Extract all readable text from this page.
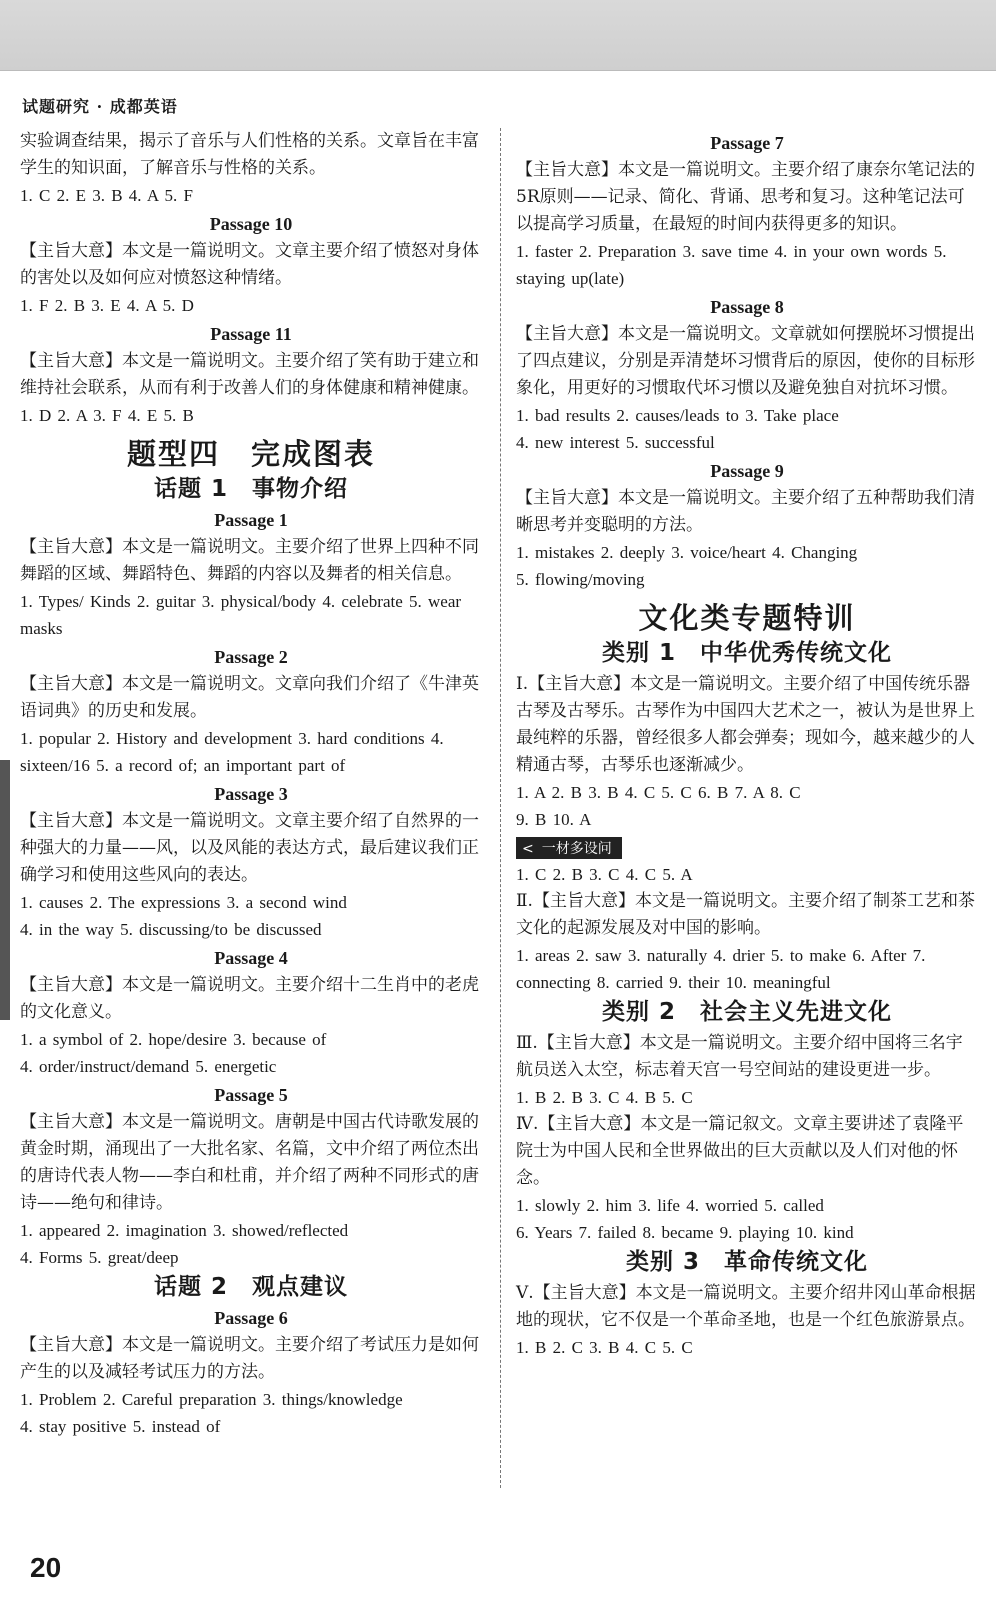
试题研究 · 成都英语

实验调查结果，揭示了音乐与人们性格的关系。文章旨在丰富学生的知识面，了解音乐与性格的关系。

1. C 2. E 3. B 4. A 5. F

Passage 10

【主旨大意】本文是一篇说明文。文章主要介绍了愤怒对身体的害处以及如何应对愤怒这种情绪。

1. F 2. B 3. E 4. A 5. D

Passage 11

【主旨大意】本文是一篇说明文。主要介绍了笑有助于建立和维持社会联系，从而有利于改善人们的身体健康和精神健康。

1. D 2. A 3. F 4. E 5. B

题型四　完成图表
话题 1　事物介绍
Passage 1

【主旨大意】本文是一篇说明文。主要介绍了世界上四种不同舞蹈的区域、舞蹈特色、舞蹈的内容以及舞者的相关信息。

1. Types/ Kinds 2. guitar 3. physical/body 4. celebrate 5. wear masks

Passage 2

【主旨大意】本文是一篇说明文。文章向我们介绍了《牛津英语词典》的历史和发展。

1. popular 2. History and development 3. hard conditions 4. sixteen/16 5. a record of; an important part of

Passage 3

【主旨大意】本文是一篇说明文。文章主要介绍了自然界的一种强大的力量——风，以及风能的表达方式，最后建议我们正确学习和使用这些风向的表达。

1. causes 2. The expressions 3. a second wind

4. in the way 5. discussing/to be discussed

Passage 4

【主旨大意】本文是一篇说明文。主要介绍十二生肖中的老虎的文化意义。

1. a symbol of 2. hope/desire 3. because of

4. order/instruct/demand 5. energetic

Passage 5

【主旨大意】本文是一篇说明文。唐朝是中国古代诗歌发展的黄金时期，涌现出了一大批名家、名篇，文中介绍了两位杰出的唐诗代表人物——李白和杜甫，并介绍了两种不同形式的唐诗——绝句和律诗。

1. appeared 2. imagination 3. showed/reflected

4. Forms 5. great/deep

话题 2　观点建议
Passage 6

【主旨大意】本文是一篇说明文。主要介绍了考试压力是如何产生的以及减轻考试压力的方法。

1. Problem 2. Careful preparation 3. things/knowledge

4. stay positive 5. instead of

Passage 7

【主旨大意】本文是一篇说明文。主要介绍了康奈尔笔记法的5R原则——记录、简化、背诵、思考和复习。这种笔记法可以提高学习质量，在最短的时间内获得更多的知识。

1. faster 2. Preparation 3. save time 4. in your own words 5. staying up(late)

Passage 8

【主旨大意】本文是一篇说明文。文章就如何摆脱坏习惯提出了四点建议，分别是弄清楚坏习惯背后的原因，使你的目标形象化，用更好的习惯取代坏习惯以及避免独自对抗坏习惯。

1. bad results 2. causes/leads to 3. Take place

4. new interest 5. successful

Passage 9

【主旨大意】本文是一篇说明文。主要介绍了五种帮助我们清晰思考并变聪明的方法。

1. mistakes 2. deeply 3. voice/heart 4. Changing

5. flowing/moving

文化类专题特训
类别 1　中华优秀传统文化

Ⅰ.【主旨大意】本文是一篇说明文。主要介绍了中国传统乐器古琴及古琴乐。古琴作为中国四大艺术之一，被认为是世界上最纯粹的乐器，曾经很多人都会弹奏；现如今，越来越少的人精通古琴，古琴乐也逐渐减少。

1. A 2. B 3. B 4. C 5. C 6. B 7. A 8. C

9. B 10. A

< 一材多设问

1. C 2. B 3. C 4. C 5. A

Ⅱ.【主旨大意】本文是一篇说明文。主要介绍了制茶工艺和茶文化的起源发展及对中国的影响。

1. areas 2. saw 3. naturally 4. drier 5. to make 6. After 7. connecting 8. carried 9. their 10. meaningful

类别 2　社会主义先进文化

Ⅲ.【主旨大意】本文是一篇说明文。主要介绍中国将三名宇航员送入太空，标志着天宫一号空间站的建设更进一步。

1. B 2. B 3. C 4. B 5. C

Ⅳ.【主旨大意】本文是一篇记叙文。文章主要讲述了袁隆平院士为中国人民和全世界做出的巨大贡献以及人们对他的怀念。

1. slowly 2. him 3. life 4. worried 5. called

6. Years 7. failed 8. became 9. playing 10. kind

类别 3　革命传统文化

Ⅴ.【主旨大意】本文是一篇说明文。主要介绍井冈山革命根据地的现状，它不仅是一个革命圣地，也是一个红色旅游景点。

1. B 2. C 3. B 4. C 5. C

20
